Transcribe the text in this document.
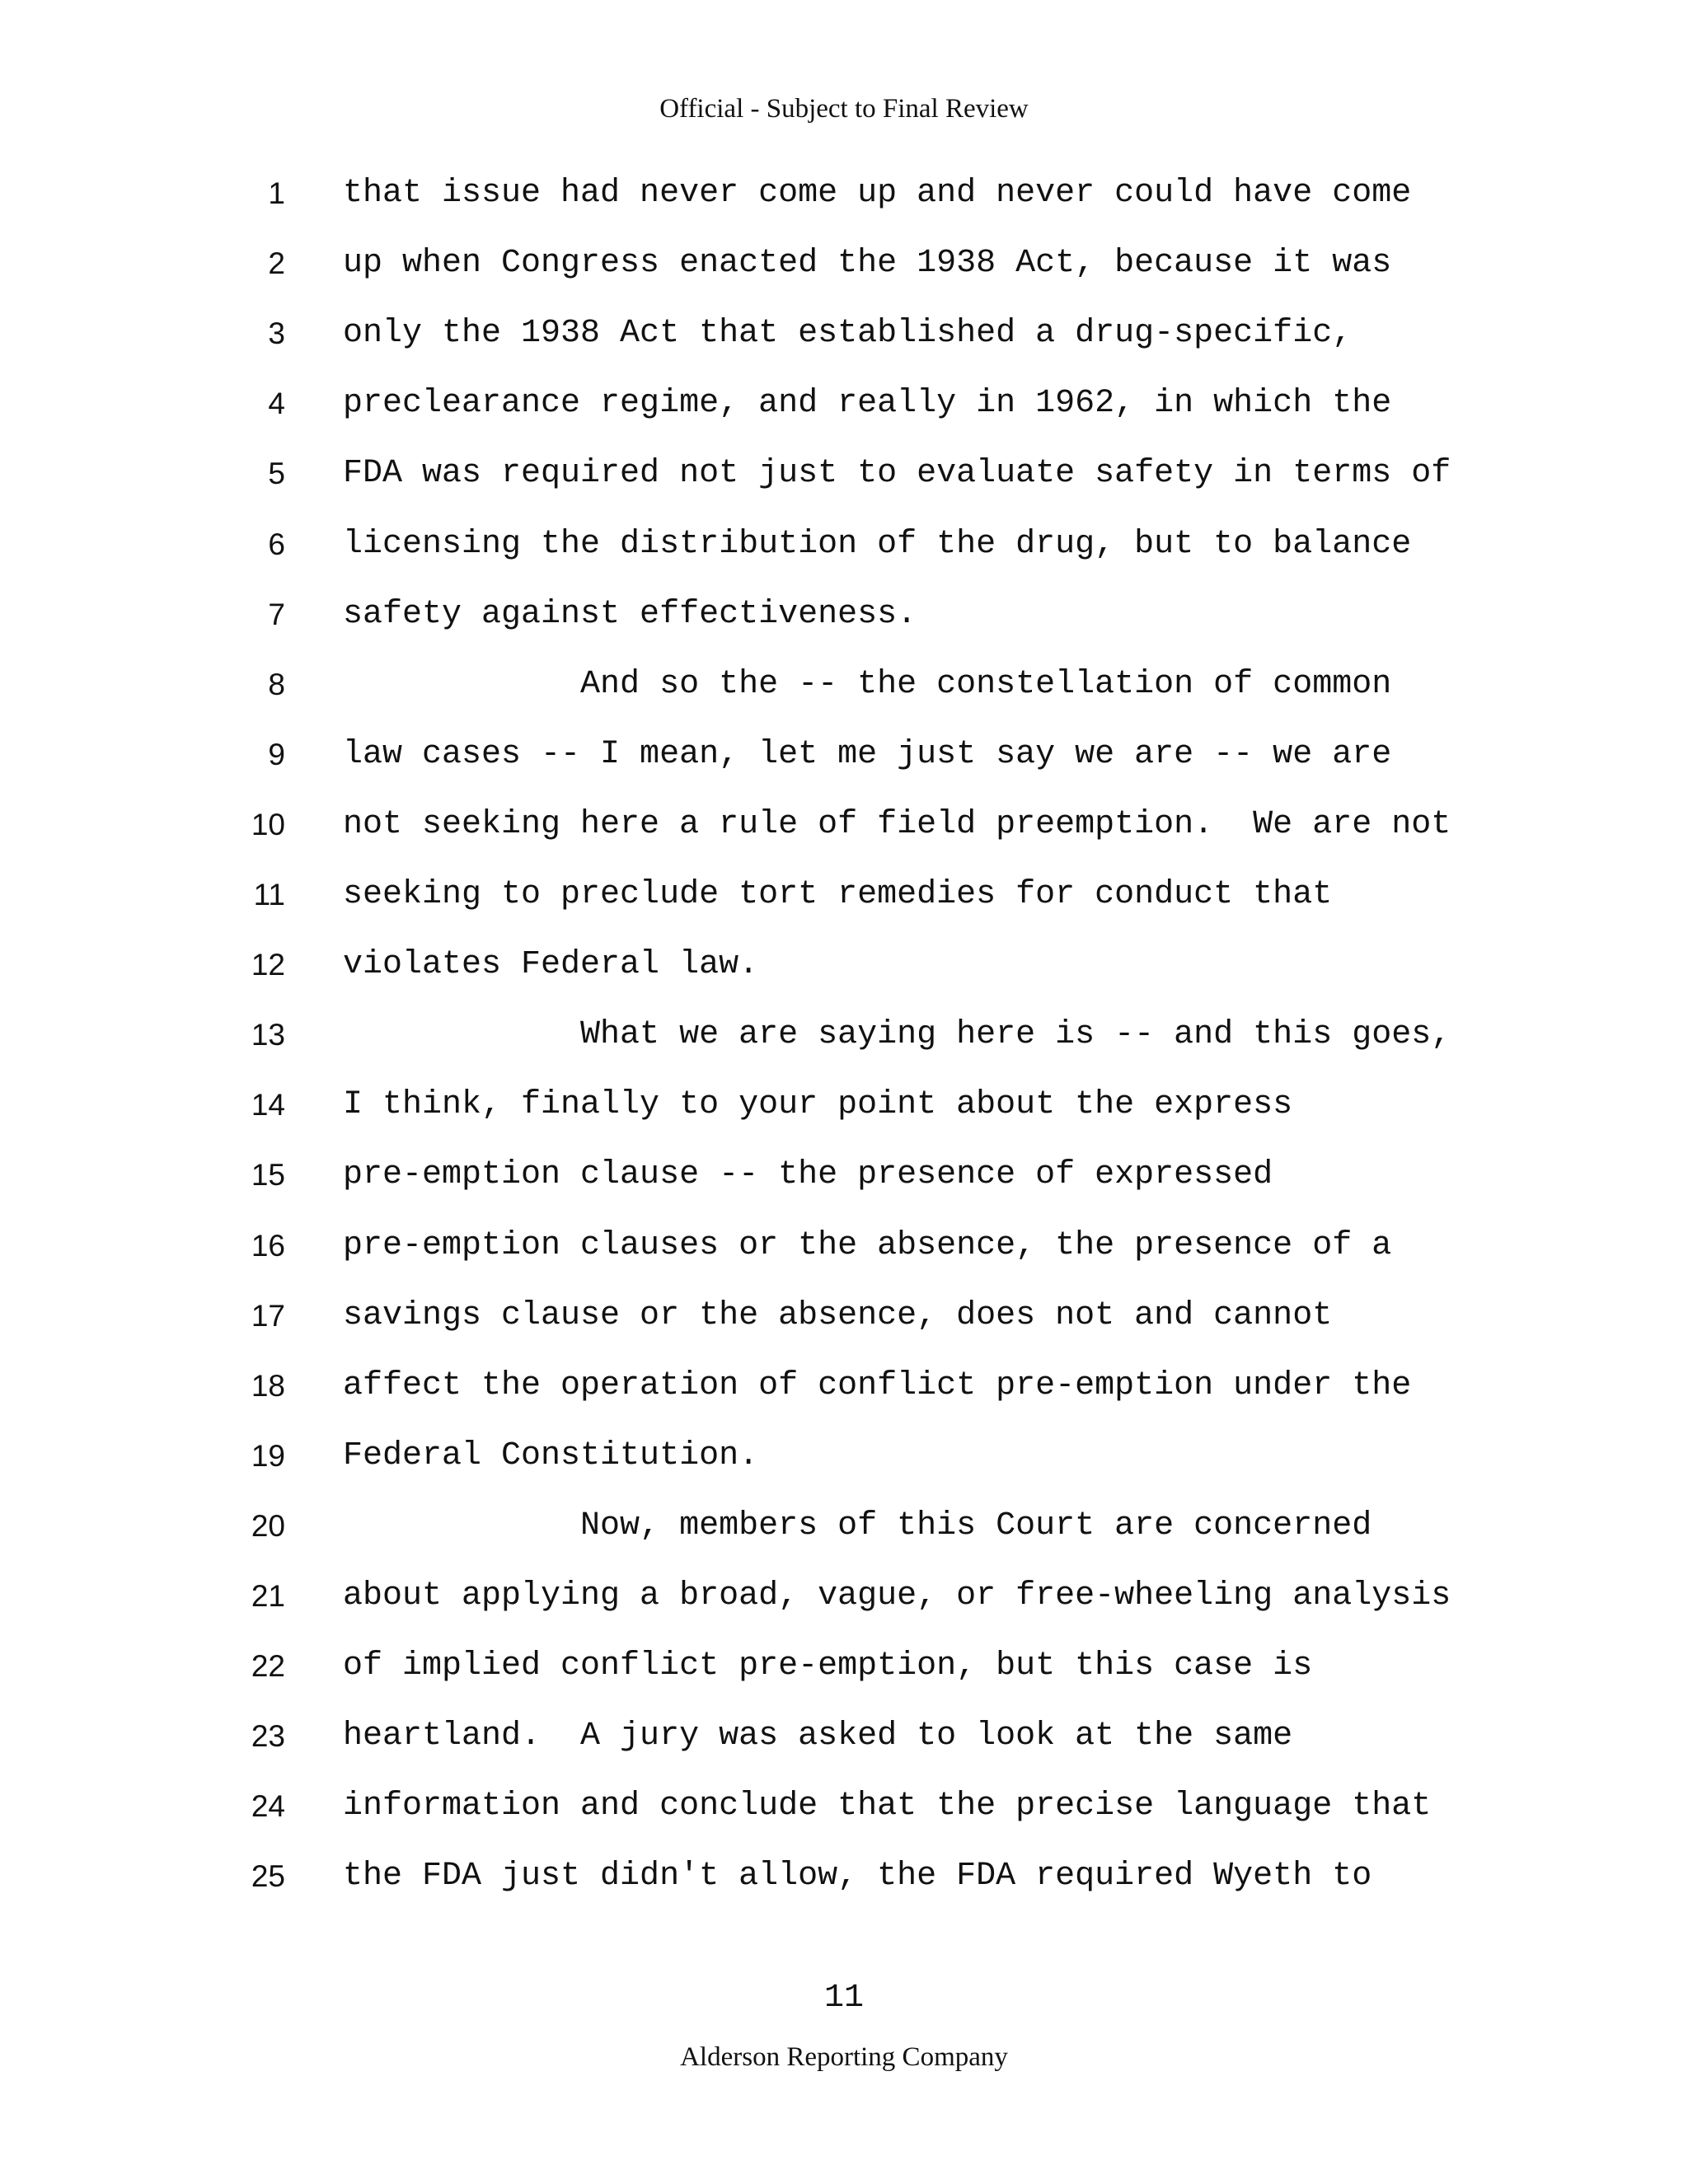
Official - Subject to Final Review
1 that issue had never come up and never could have come
2 up when Congress enacted the 1938 Act, because it was
3 only the 1938 Act that established a drug-specific,
4 preclearance regime, and really in 1962, in which the
5 FDA was required not just to evaluate safety in terms of
6 licensing the distribution of the drug, but to balance
7 safety against effectiveness.
8 And so the -- the constellation of common
9 law cases -- I mean, let me just say we are -- we are
10 not seeking here a rule of field preemption.  We are not
11 seeking to preclude tort remedies for conduct that
12 violates Federal law.
13 What we are saying here is -- and this goes,
14 I think, finally to your point about the express
15 pre-emption clause -- the presence of expressed
16 pre-emption clauses or the absence, the presence of a
17 savings clause or the absence, does not and cannot
18 affect the operation of conflict pre-emption under the
19 Federal Constitution.
20 Now, members of this Court are concerned
21 about applying a broad, vague, or free-wheeling analysis
22 of implied conflict pre-emption, but this case is
23 heartland.  A jury was asked to look at the same
24 information and conclude that the precise language that
25 the FDA just didn't allow, the FDA required Wyeth to
11
Alderson Reporting Company
